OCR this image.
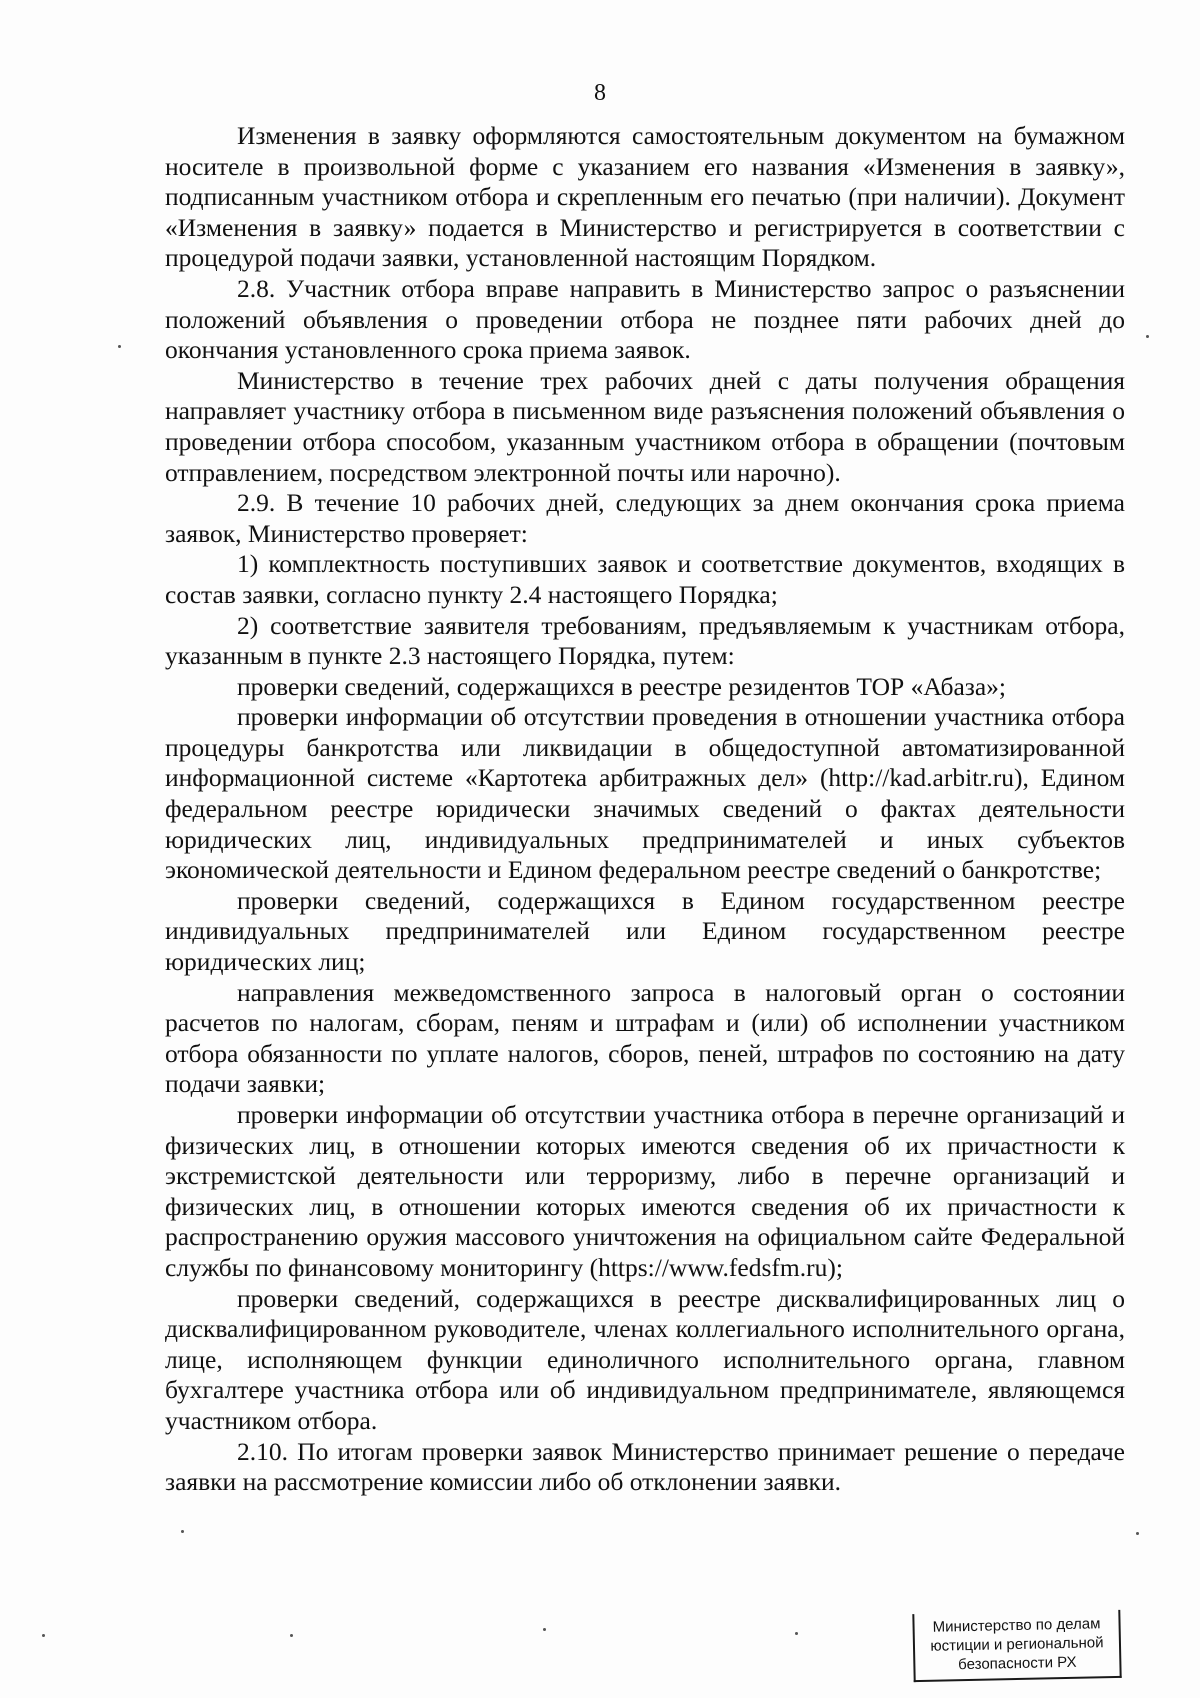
8

Изменения в заявку оформляются самостоятельным документом на бумажном носителе в произвольной форме с указанием его названия «Изменения в заявку», подписанным участником отбора и скрепленным его печатью (при наличии). Документ «Изменения в заявку» подается в Министерство и регистрируется в соответствии с процедурой подачи заявки, установленной настоящим Порядком.

2.8. Участник отбора вправе направить в Министерство запрос о разъяснении положений объявления о проведении отбора не позднее пяти рабочих дней до окончания установленного срока приема заявок.

Министерство в течение трех рабочих дней с даты получения обращения направляет участнику отбора в письменном виде разъяснения положений объявления о проведении отбора способом, указанным участником отбора в обращении (почтовым отправлением, посредством электронной почты или нарочно).

2.9. В течение 10 рабочих дней, следующих за днем окончания срока приема заявок, Министерство проверяет:

1) комплектность поступивших заявок и соответствие документов, входящих в состав заявки, согласно пункту 2.4 настоящего Порядка;

2) соответствие заявителя требованиям, предъявляемым к участникам отбора, указанным в пункте 2.3 настоящего Порядка, путем:

проверки сведений, содержащихся в реестре резидентов ТОР «Абаза»;

проверки информации об отсутствии проведения в отношении участника отбора процедуры банкротства или ликвидации в общедоступной автоматизированной информационной системе «Картотека арбитражных дел» (http://kad.arbitr.ru), Едином федеральном реестре юридически значимых сведений о фактах деятельности юридических лиц, индивидуальных предпринимателей и иных субъектов экономической деятельности и Едином федеральном реестре сведений о банкротстве;

проверки сведений, содержащихся в Едином государственном реестре индивидуальных предпринимателей или Едином государственном реестре юридических лиц;

направления межведомственного запроса в налоговый орган о состоянии расчетов по налогам, сборам, пеням и штрафам и (или) об исполнении участником отбора обязанности по уплате налогов, сборов, пеней, штрафов по состоянию на дату подачи заявки;

проверки информации об отсутствии участника отбора в перечне организаций и физических лиц, в отношении которых имеются сведения об их причастности к экстремистской деятельности или терроризму, либо в перечне организаций и физических лиц, в отношении которых имеются сведения об их причастности к распространению оружия массового уничтожения на официальном сайте Федеральной службы по финансовому мониторингу (https://www.fedsfm.ru);

проверки сведений, содержащихся в реестре дисквалифицированных лиц о дисквалифицированном руководителе, членах коллегиального исполнительного органа, лице, исполняющем функции единоличного исполнительного органа, главном бухгалтере участника отбора или об индивидуальном предпринимателе, являющемся участником отбора.

2.10. По итогам проверки заявок Министерство принимает решение о передаче заявки на рассмотрение комиссии либо об отклонении заявки.

Министерство по делам
юстиции и региональной
безопасности РХ
